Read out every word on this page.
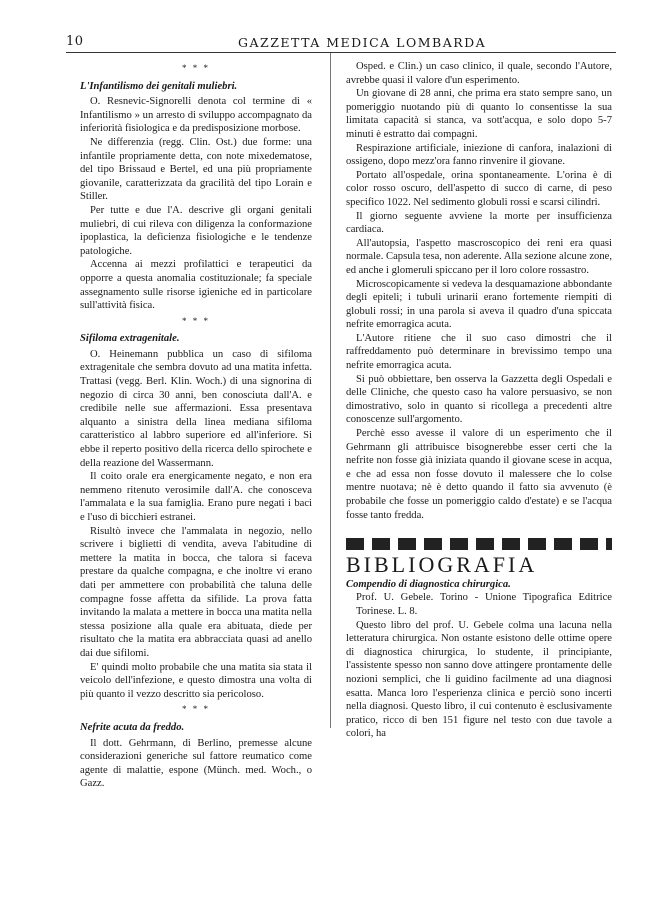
10	GAZZETTA MEDICA LOMBARDA

* * *

L'Infantilismo dei genitali muliebri.

O. Resnevic-Signorelli denota col termine di « Infantilismo » un arresto di sviluppo accompagnato da inferiorità fisiologica e da predisposizione morbose.

Ne differenzia (regg. Clin. Ost.) due forme: una infantile propriamente detta, con note mixedematose, del tipo Brissaud e Bertel, ed una più propriamente giovanile, caratterizzata da gracilità del tipo Lorain e Stiller.

Per tutte e due l'A. descrive gli organi genitali muliebri, di cui rileva con diligenza la conformazione ipoplastica, la deficienza fisiologiche e le tendenze patologiche.

Accenna ai mezzi profilattici e terapeutici da opporre a questa anomalia costituzionale; fa speciale assegnamento sulle risorse igieniche ed in particolare sull'attività fisica.

* * *

Sifiloma extragenitale.

O. Heinemann pubblica un caso di sifiloma extragenitale che sembra dovuto ad una matita infetta. Trattasi (vegg. Berl. Klin. Woch.) di una signorina di negozio di circa 30 anni, ben conosciuta dall'A. e credibile nelle sue affermazioni. Essa presentava alquanto a sinistra della linea mediana sifiloma caratteristico al labbro superiore ed all'inferiore. Si ebbe il reperto positivo della ricerca dello spirochete e della reazione del Wassermann.

Il coito orale era energicamente negato, e non era nemmeno ritenuto verosimile dall'A. che conosceva l'ammalata e la sua famiglia. Erano pure negati i baci e l'uso di bicchieri estranei.

Risultò invece che l'ammalata in negozio, nello scrivere i biglietti di vendita, aveva l'abitudine di mettere la matita in bocca, che talora si faceva prestare da qualche compagna, e che inoltre vi erano dati per ammettere con probabilità che taluna delle compagne fosse affetta da sifilide. La prova fatta invitando la malata a mettere in bocca una matita nella stessa posizione alla quale era abituata, diede per risultato che la matita era abbracciata quasi ad anello dai due sifilomi.

E' quindi molto probabile che una matita sia stata il veicolo dell'infezione, e questo dimostra una volta di più quanto il vezzo descritto sia pericoloso.

* * *

Nefrite acuta da freddo.

Il dott. Gehrmann, di Berlino, premesse alcune considerazioni generiche sul fattore reumatico come agente di malattie, espone (Münch. med. Woch., o Gazz.

Osped. e Clin.) un caso clinico, il quale, secondo l'Autore, avrebbe quasi il valore d'un esperimento.

Un giovane di 28 anni, che prima era stato sempre sano, un pomeriggio nuotando più di quanto lo consentisse la sua limitata capacità si stanca, va sott'acqua, e solo dopo 5-7 minuti è estratto dai compagni.

Respirazione artificiale, iniezione di canfora, inalazioni di ossigeno, dopo mezz'ora fanno rinvenire il giovane.

Portato all'ospedale, orina spontaneamente. L'orina è di color rosso oscuro, dell'aspetto di succo di carne, di peso specifico 1022. Nel sedimento globuli rossi e scarsi cilindri.

Il giorno seguente avviene la morte per insufficienza cardiaca.

All'autopsia, l'aspetto mascroscopico dei reni era quasi normale. Capsula tesa, non aderente. Alla sezione alcune zone, ed anche i glomeruli spiccano per il loro colore rossastro.

Microscopicamente si vedeva la desquamazione abbondante degli epiteli; i tubuli urinarii erano fortemente riempiti di globuli rossi; in una parola si aveva il quadro d'una spiccata nefrite emorragica acuta.

L'Autore ritiene che il suo caso dimostri che il raffreddamento può determinare in brevissimo tempo una nefrite emorragica acuta.

Si può obbiettare, ben osserva la Gazzetta degli Ospedali e delle Cliniche, che questo caso ha valore persuasivo, se non dimostrativo, solo in quanto si ricollega a precedenti altre conoscenze sull'argomento.

Perchè esso avesse il valore di un esperimento che il Gehrmann gli attribuisce bisognerebbe esser certi che la nefrite non fosse già iniziata quando il giovane scese in acqua, e che ad essa non fosse dovuto il malessere che lo colse mentre nuotava; nè è detto quando il fatto sia avvenuto (è probabile che fosse un pomeriggio caldo d'estate) e se l'acqua fosse tanto fredda.

BIBLIOGRAFIA

Compendio di diagnostica chirurgica.

Prof. U. Gebele. Torino - Unione Tipografica Editrice Torinese. L. 8.

Questo libro del prof. U. Gebele colma una lacuna nella letteratura chirurgica. Non ostante esistono delle ottime opere di diagnostica chirurgica, lo studente, il principiante, l'assistente spesso non sanno dove attingere prontamente delle nozioni semplici, che li guidino facilmente ad una diagnosi esatta. Manca loro l'esperienza clinica e perciò sono incerti nella diagnosi. Questo libro, il cui contenuto è esclusivamente pratico, ricco di ben 151 figure nel testo con due tavole a colori, ha
